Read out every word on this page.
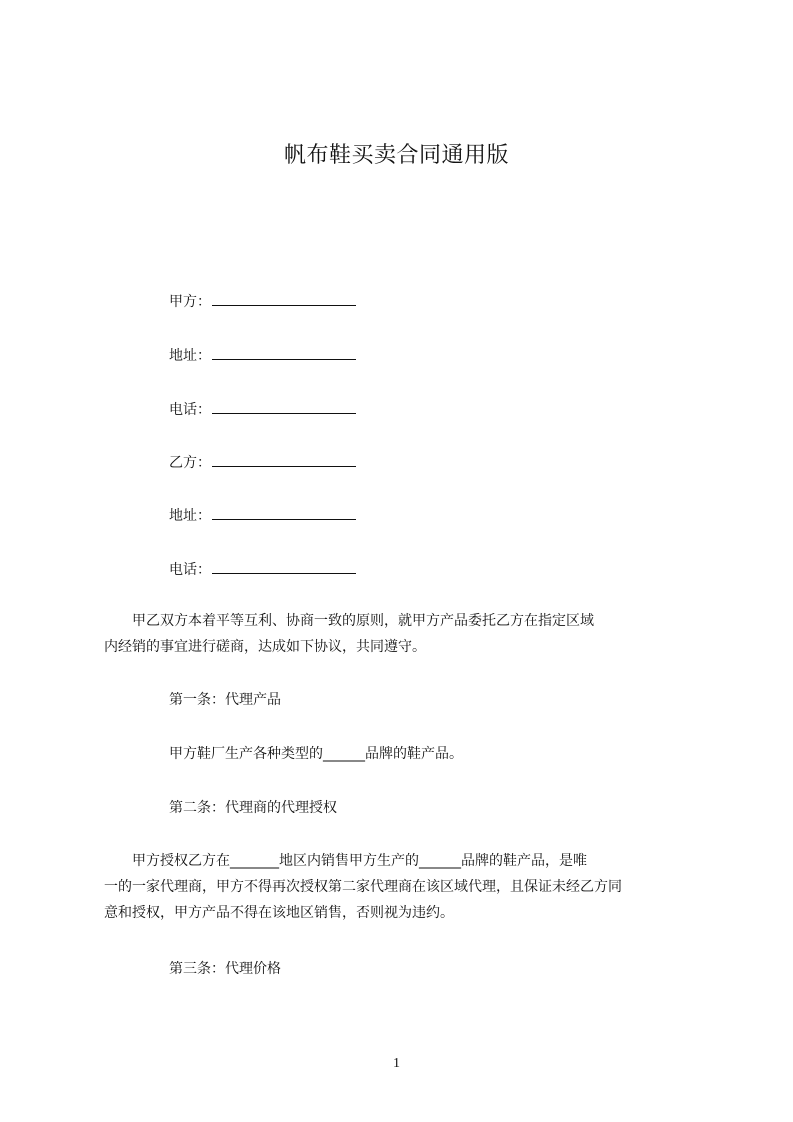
帆布鞋买卖合同通用版
甲方：
地址：
电话：
乙方：
地址：
电话：
　　甲乙双方本着平等互利、协商一致的原则，就甲方产品委托乙方在指定区域
内经销的事宜进行磋商，达成如下协议，共同遵守。
第一条：代理产品
甲方鞋厂生产各种类型的______品牌的鞋产品。
第二条：代理商的代理授权
　　甲方授权乙方在_______地区内销售甲方生产的______品牌的鞋产品，是唯
一的一家代理商，甲方不得再次授权第二家代理商在该区域代理，且保证未经乙方同
意和授权，甲方产品不得在该地区销售，否则视为违约。
第三条：代理价格
1
